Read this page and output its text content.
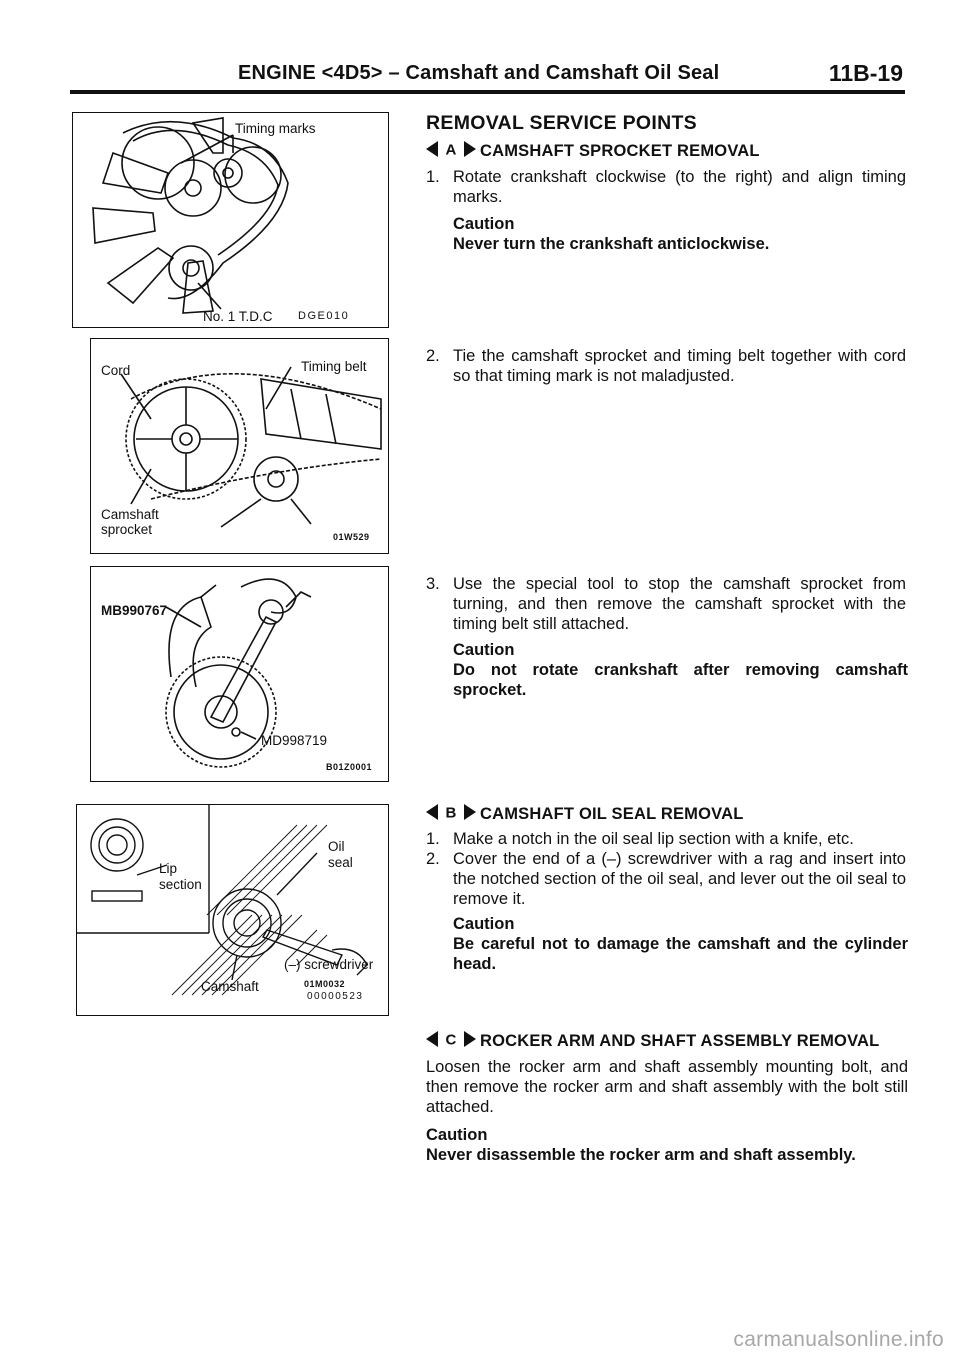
ENGINE <4D5> – Camshaft and Camshaft Oil Seal	11B-19
Timing marks
No. 1 T.D.C DGE010
Cord	Timing belt
Camshaft
sprocket	01W529
MB990767
MD998719
B01Z0001
Lip
section
Oil
seal
(–) screwdriver
Camshaft	01M0032
00000523
REMOVAL SERVICE POINTS
A CAMSHAFT SPROCKET REMOVAL
1. Rotate crankshaft clockwise (to the right) and align timing marks.
Caution
Never turn the crankshaft anticlockwise.
2. Tie the camshaft sprocket and timing belt together with cord so that timing mark is not maladjusted.
3. Use the special tool to stop the camshaft sprocket from turning, and then remove the camshaft sprocket with the timing belt still attached.
Caution
Do not rotate crankshaft after removing camshaft sprocket.
B CAMSHAFT OIL SEAL REMOVAL
1. Make a notch in the oil seal lip section with a knife, etc.
2. Cover the end of a (–) screwdriver with a rag and insert into the notched section of the oil seal, and lever out the oil seal to remove it.
Caution
Be careful not to damage the camshaft and the cylinder head.
C ROCKER ARM AND SHAFT ASSEMBLY REMOVAL
Loosen the rocker arm and shaft assembly mounting bolt, and then remove the rocker arm and shaft assembly with the bolt still attached.
Caution
Never disassemble the rocker arm and shaft assembly.
carmanualsonline.info
